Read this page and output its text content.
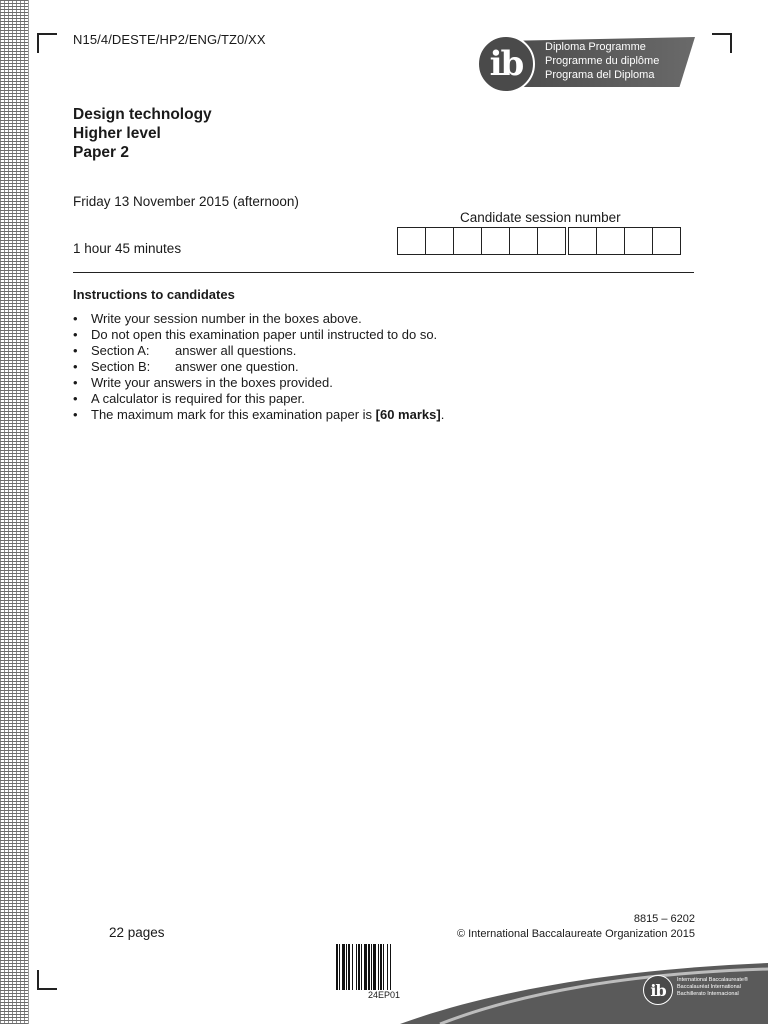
N15/4/DESTE/HP2/ENG/TZ0/XX
ib	Diploma Programme
Programme du diplôme
Programa del Diploma
Design technology
Higher level
Paper 2
Friday 13 November 2015 (afternoon)
1 hour 45 minutes
Candidate session number
Instructions to candidates
•	Write your session number in the boxes above.
•	Do not open this examination paper until instructed to do so.
•	Section A:	answer all questions.
•	Section B:	answer one question.
•	Write your answers in the boxes provided.
•	A calculator is required for this paper.
•	The maximum mark for this examination paper is [60 marks].
22 pages
8815 – 6202
© International Baccalaureate Organization 2015
24EP01	ib
International Baccalaureate®
Baccalauréat International
Bachillerato Internacional
